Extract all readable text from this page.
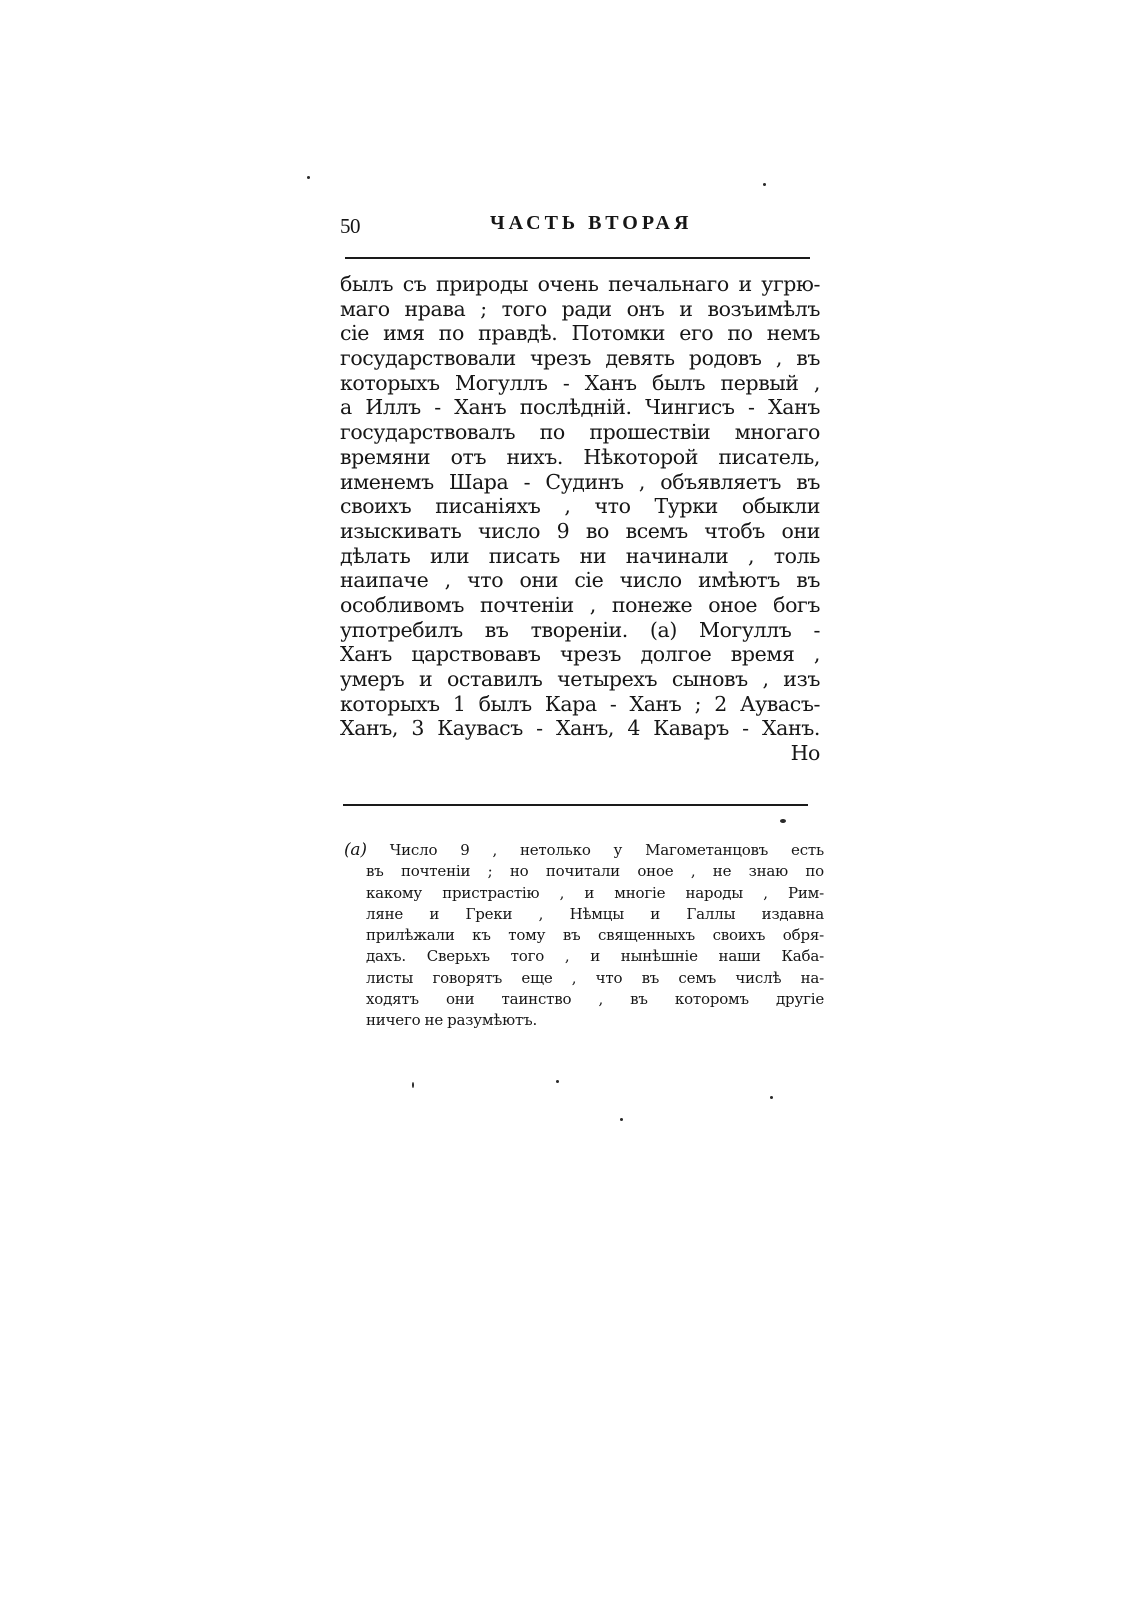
50	ЧАСТЬ ВТОРАЯ
былъ съ природы очень печальнаго и угрю-
маго нрава ; того ради онъ и возъимѣлъ
сіе имя по правдѣ. Потомки его по немъ
государствовали чрезъ девять родовъ , въ
которыхъ Могуллъ - Ханъ былъ первый ,
а Иллъ - Ханъ послѣдній. Чингисъ - Ханъ
государствовалъ по прошествіи многаго
времяни отъ нихъ. Нѣкоторой писатель,
именемъ Шара - Судинъ , объявляетъ въ
своихъ писаніяхъ , что Турки обыкли
изыскивать число 9 во всемъ чтобъ они
дѣлать или писать ни начинали , толь
наипаче , что они сіе число имѣютъ въ
особливомъ почтеніи , понеже оное богъ
употребилъ въ твореніи. (а) Могуллъ -
Ханъ царствовавъ чрезъ долгое время ,
умеръ и оставилъ четырехъ сыновъ , изъ
которыхъ 1 былъ Кара - Ханъ ; 2 Аувасъ-
Ханъ, 3 Каувасъ - Ханъ, 4 Каваръ - Ханъ.
Но
(а) Число 9 , нетолько у Магометанцовъ есть
въ почтеніи ; но почитали оное , не знаю по
какому пристрастію , и многіе народы , Рим-
ляне и Греки , Нѣмцы и Галлы издавна
прилѣжали къ тому въ священныхъ своихъ обря-
дахъ. Сверьхъ того , и нынѣшніе наши Каба-
листы говорятъ еще , что въ семъ числѣ на-
ходятъ они таинство , въ которомъ другіе
ничего не разумѣютъ.
